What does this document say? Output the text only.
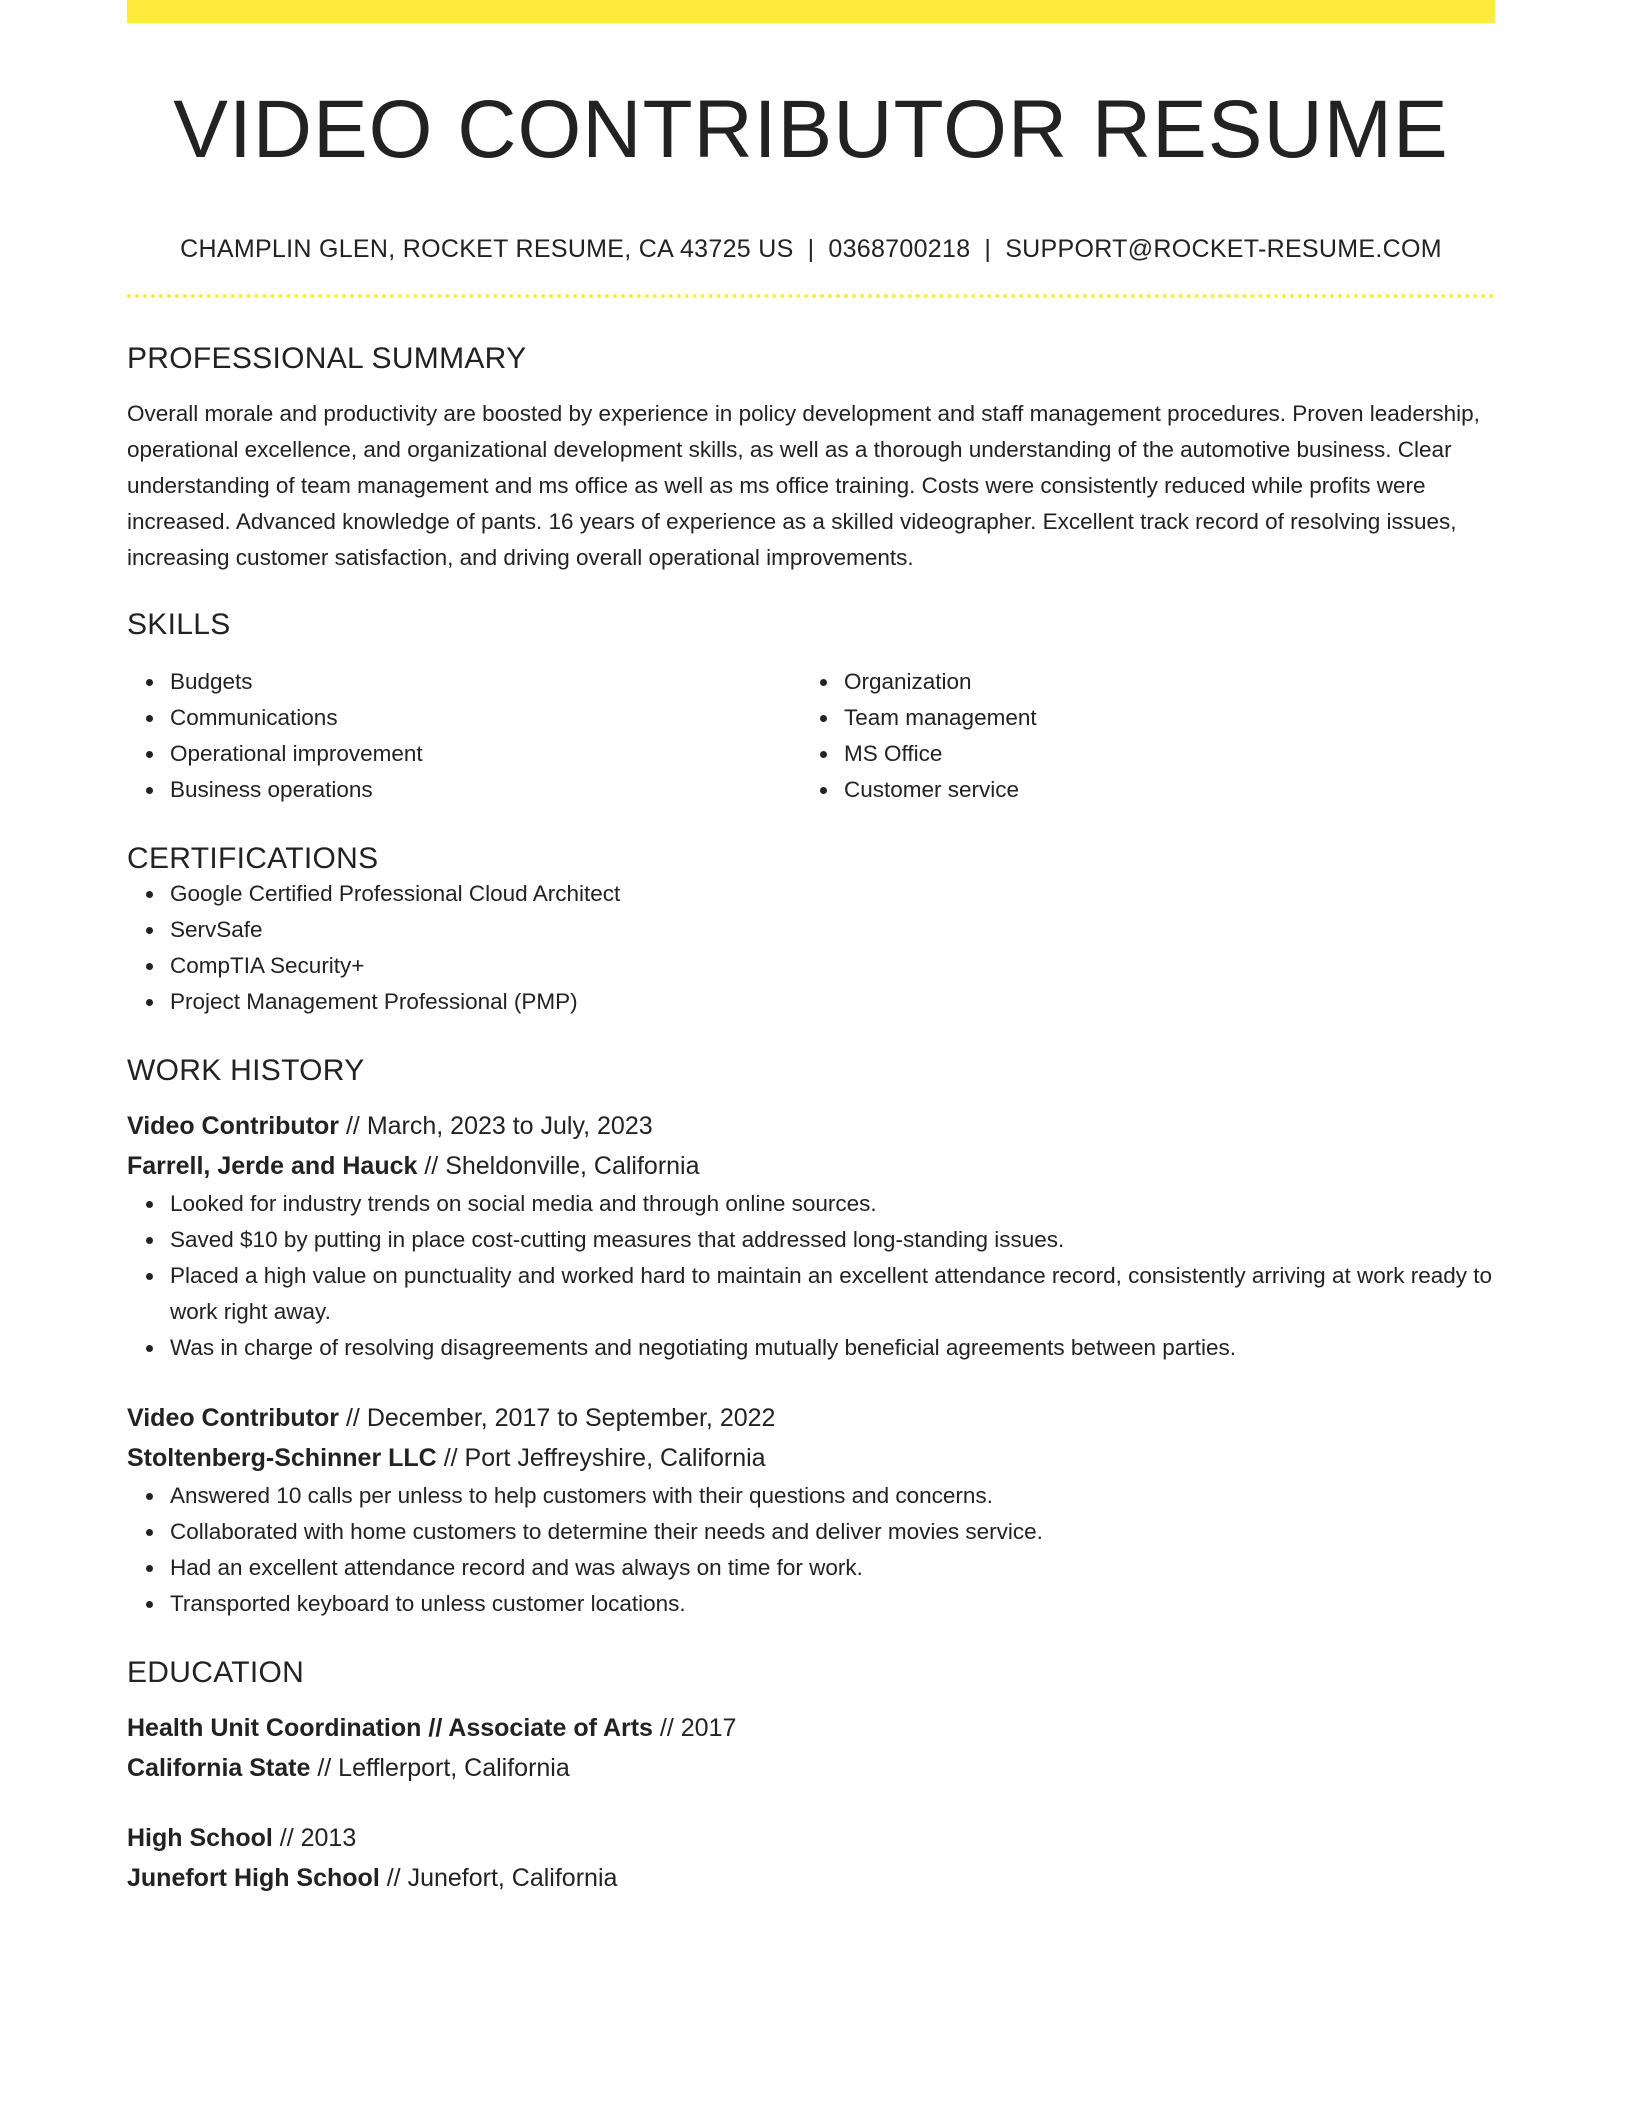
VIDEO CONTRIBUTOR RESUME
CHAMPLIN GLEN, ROCKET RESUME, CA 43725 US | 0368700218 | SUPPORT@ROCKET-RESUME.COM
PROFESSIONAL SUMMARY
Overall morale and productivity are boosted by experience in policy development and staff management procedures. Proven leadership, operational excellence, and organizational development skills, as well as a thorough understanding of the automotive business. Clear understanding of team management and ms office as well as ms office training. Costs were consistently reduced while profits were increased. Advanced knowledge of pants. 16 years of experience as a skilled videographer. Excellent track record of resolving issues, increasing customer satisfaction, and driving overall operational improvements.
SKILLS
Budgets
Communications
Operational improvement
Business operations
Organization
Team management
MS Office
Customer service
CERTIFICATIONS
Google Certified Professional Cloud Architect
ServSafe
CompTIA Security+
Project Management Professional (PMP)
WORK HISTORY
Video Contributor // March, 2023 to July, 2023
Farrell, Jerde and Hauck // Sheldonville, California
Looked for industry trends on social media and through online sources.
Saved $10 by putting in place cost-cutting measures that addressed long-standing issues.
Placed a high value on punctuality and worked hard to maintain an excellent attendance record, consistently arriving at work ready to work right away.
Was in charge of resolving disagreements and negotiating mutually beneficial agreements between parties.
Video Contributor // December, 2017 to September, 2022
Stoltenberg-Schinner LLC // Port Jeffreyshire, California
Answered 10 calls per unless to help customers with their questions and concerns.
Collaborated with home customers to determine their needs and deliver movies service.
Had an excellent attendance record and was always on time for work.
Transported keyboard to unless customer locations.
EDUCATION
Health Unit Coordination // Associate of Arts // 2017
California State // Lefflerport, California
High School // 2013
Junefort High School // Junefort, California
